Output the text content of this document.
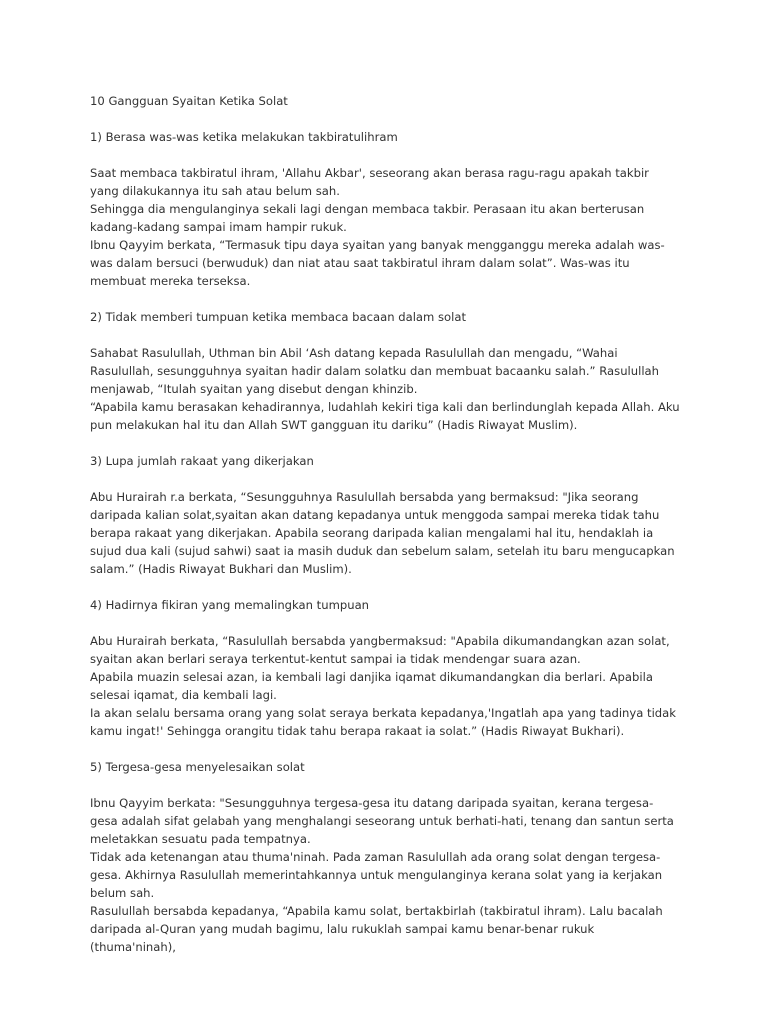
10 Gangguan Syaitan Ketika Solat

1) Berasa was-was ketika melakukan takbiratulihram

Saat membaca takbiratul ihram, 'Allahu Akbar', seseorang akan berasa ragu-ragu apakah takbir yang dilakukannya itu sah atau belum sah.

Sehingga dia mengulanginya sekali lagi dengan membaca takbir. Perasaan itu akan berterusan kadang-kadang sampai imam hampir rukuk.

Ibnu Qayyim berkata, “Termasuk tipu daya syaitan yang banyak mengganggu mereka adalah was-was dalam bersuci (berwuduk) dan niat atau saat takbiratul ihram dalam solat”. Was-was itu membuat mereka terseksa.

2) Tidak memberi tumpuan ketika membaca bacaan dalam solat

Sahabat Rasulullah, Uthman bin Abil ‘Ash datang kepada Rasulullah dan mengadu, “Wahai Rasulullah, sesungguhnya syaitan hadir dalam solatku dan membuat bacaanku salah.” Rasulullah menjawab, “Itulah syaitan yang disebut dengan khinzib.

“Apabila kamu berasakan kehadirannya, ludahlah kekiri tiga kali dan berlindunglah kepada Allah. Aku pun melakukan hal itu dan Allah SWT gangguan itu dariku” (Hadis Riwayat Muslim).

3) Lupa jumlah rakaat yang dikerjakan

Abu Hurairah r.a berkata, “Sesungguhnya Rasulullah bersabda yang bermaksud: "Jika seorang daripada kalian solat,syaitan akan datang kepadanya untuk menggoda sampai mereka tidak tahu berapa rakaat yang dikerjakan. Apabila seorang daripada kalian mengalami hal itu, hendaklah ia sujud dua kali (sujud sahwi) saat ia masih duduk dan sebelum salam, setelah itu baru mengucapkan salam.” (Hadis Riwayat Bukhari dan Muslim).

4) Hadirnya fikiran yang memalingkan tumpuan

Abu Hurairah berkata, “Rasulullah bersabda yangbermaksud: "Apabila dikumandangkan azan solat, syaitan akan berlari seraya terkentut-kentut sampai ia tidak mendengar suara azan.

Apabila muazin selesai azan, ia kembali lagi danjika iqamat dikumandangkan dia berlari. Apabila selesai iqamat, dia kembali lagi.

Ia akan selalu bersama orang yang solat seraya berkata kepadanya,'Ingatlah apa yang tadinya tidak kamu ingat!' Sehingga orangitu tidak tahu berapa rakaat ia solat.” (Hadis Riwayat Bukhari).

5) Tergesa-gesa menyelesaikan solat

Ibnu Qayyim berkata: "Sesungguhnya tergesa-gesa itu datang daripada syaitan, kerana tergesa-gesa adalah sifat gelabah yang menghalangi seseorang untuk berhati-hati, tenang dan santun serta meletakkan sesuatu pada tempatnya.

Tidak ada ketenangan atau thuma'ninah. Pada zaman Rasulullah ada orang solat dengan tergesa-gesa. Akhirnya Rasulullah memerintahkannya untuk mengulanginya kerana solat yang ia kerjakan belum sah.

Rasulullah bersabda kepadanya, “Apabila kamu solat, bertakbirlah (takbiratul ihram). Lalu bacalah daripada al-Quran yang mudah bagimu, lalu rukuklah sampai kamu benar-benar rukuk (thuma'ninah),
